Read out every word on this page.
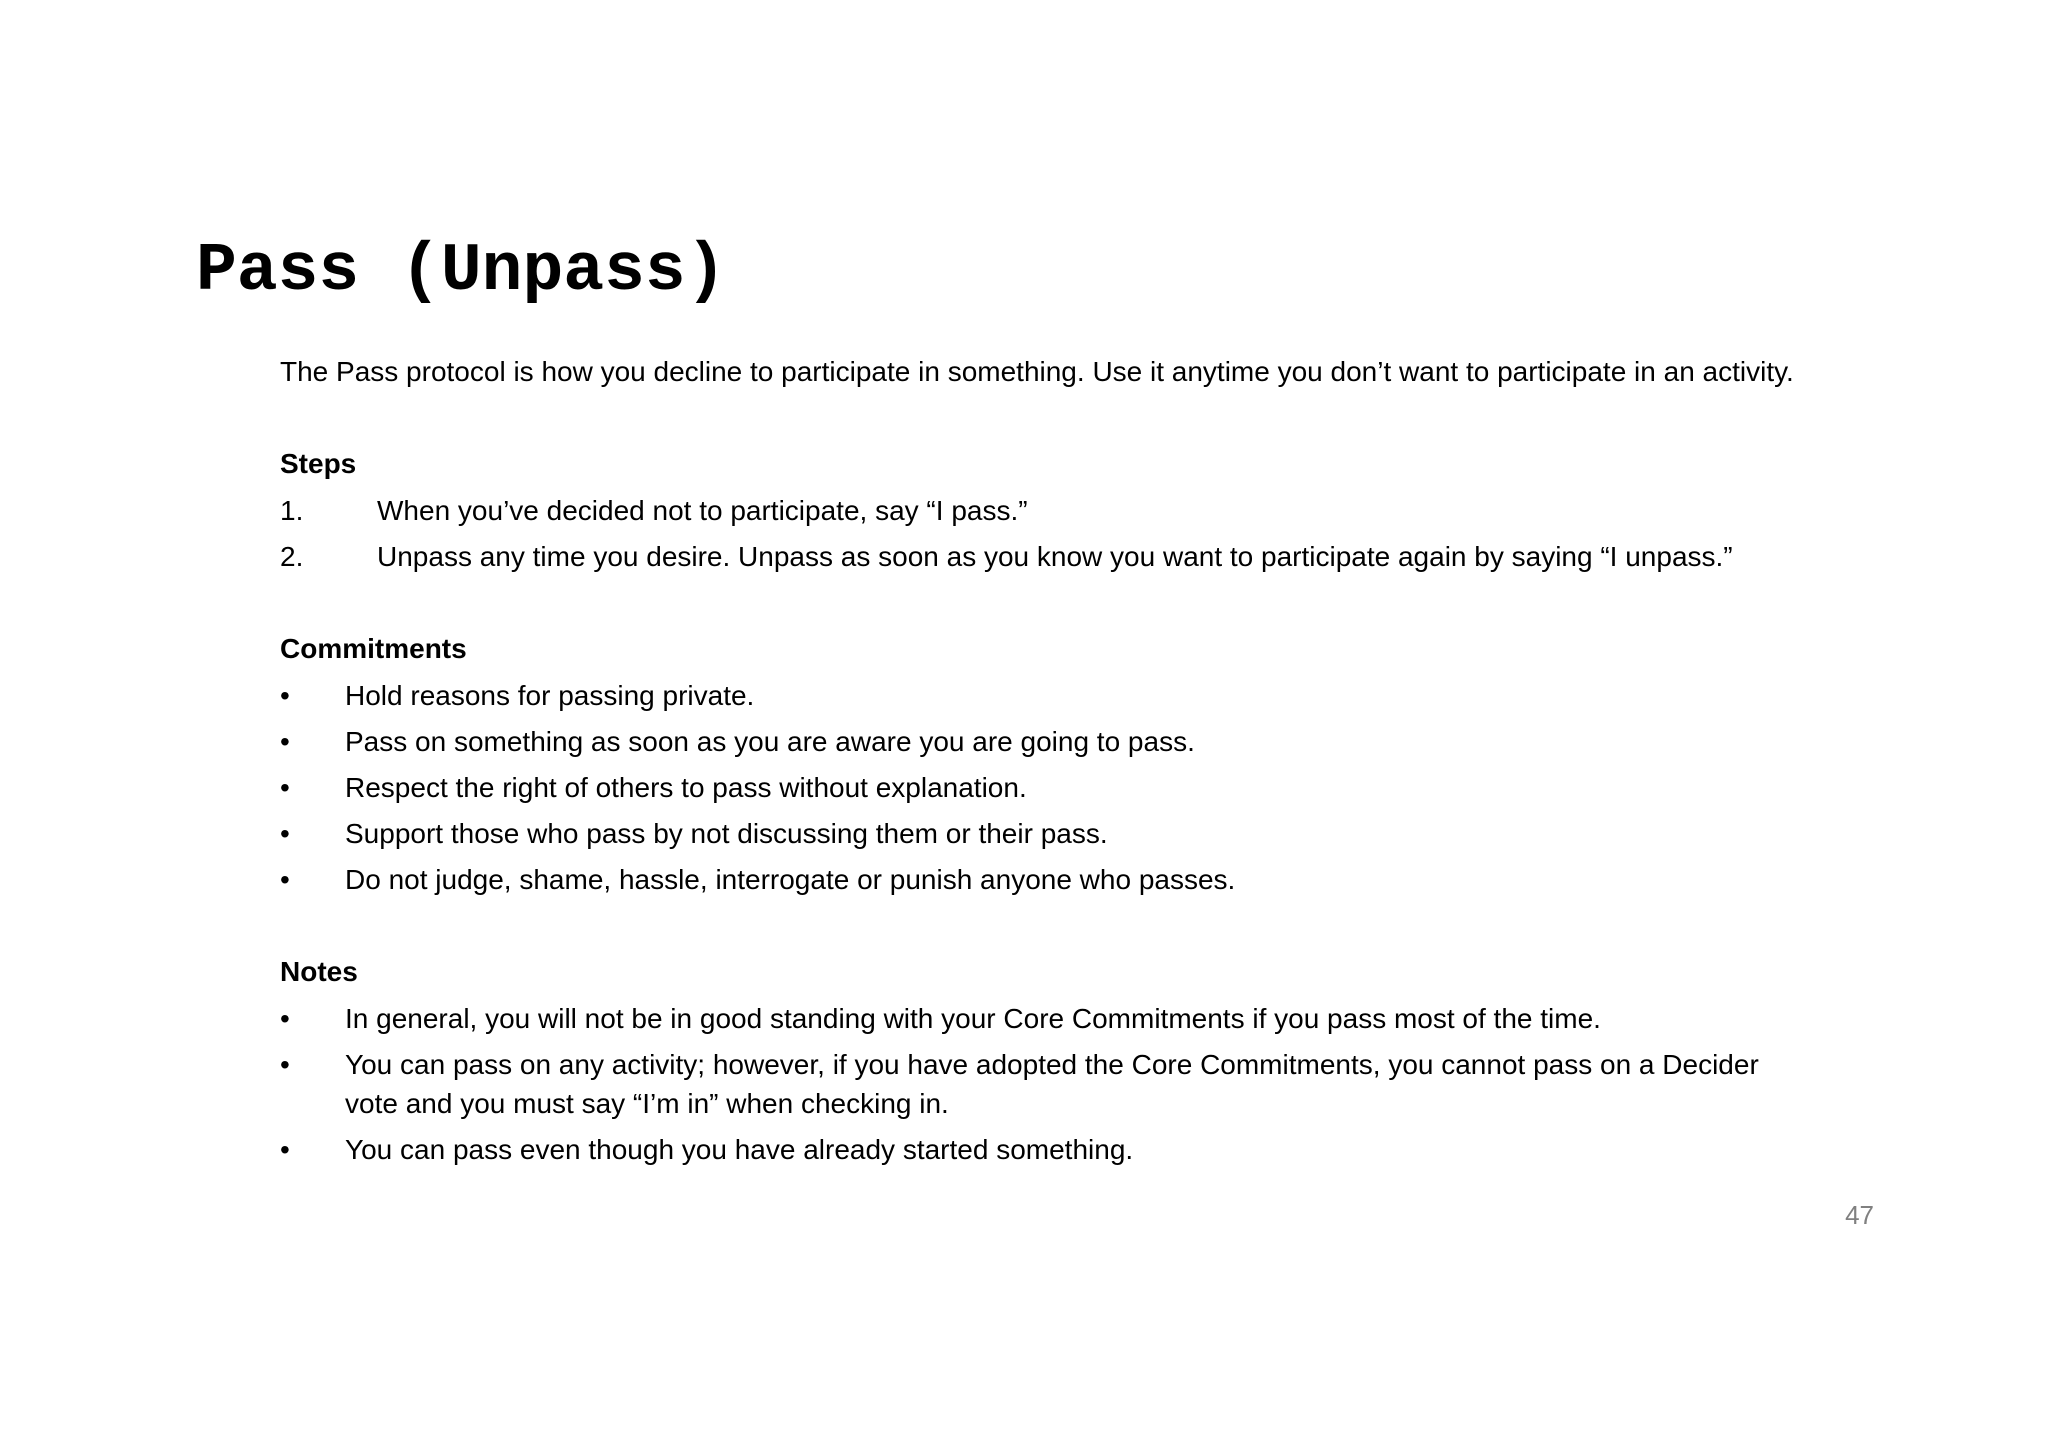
Pass (Unpass)

The Pass protocol is how you decline to participate in something. Use it anytime you don’t want to participate in an activity.

Steps
1.	When you’ve decided not to participate, say “I pass.”
2.	Unpass any time you desire. Unpass as soon as you know you want to participate again by saying “I unpass.”
Commitments
•	Hold reasons for passing private.
•	Pass on something as soon as you are aware you are going to pass.
•	Respect the right of others to pass without explanation.
•	Support those who pass by not discussing them or their pass.
•	Do not judge, shame, hassle, interrogate or punish anyone who passes.
Notes
•	In general, you will not be in good standing with your Core Commitments if you pass most of the time.
•	You can pass on any activity; however, if you have adopted the Core Commitments, you cannot pass on a Decider vote and you must say “I’m in” when checking in.
•	You can pass even though you have already started something.
47
